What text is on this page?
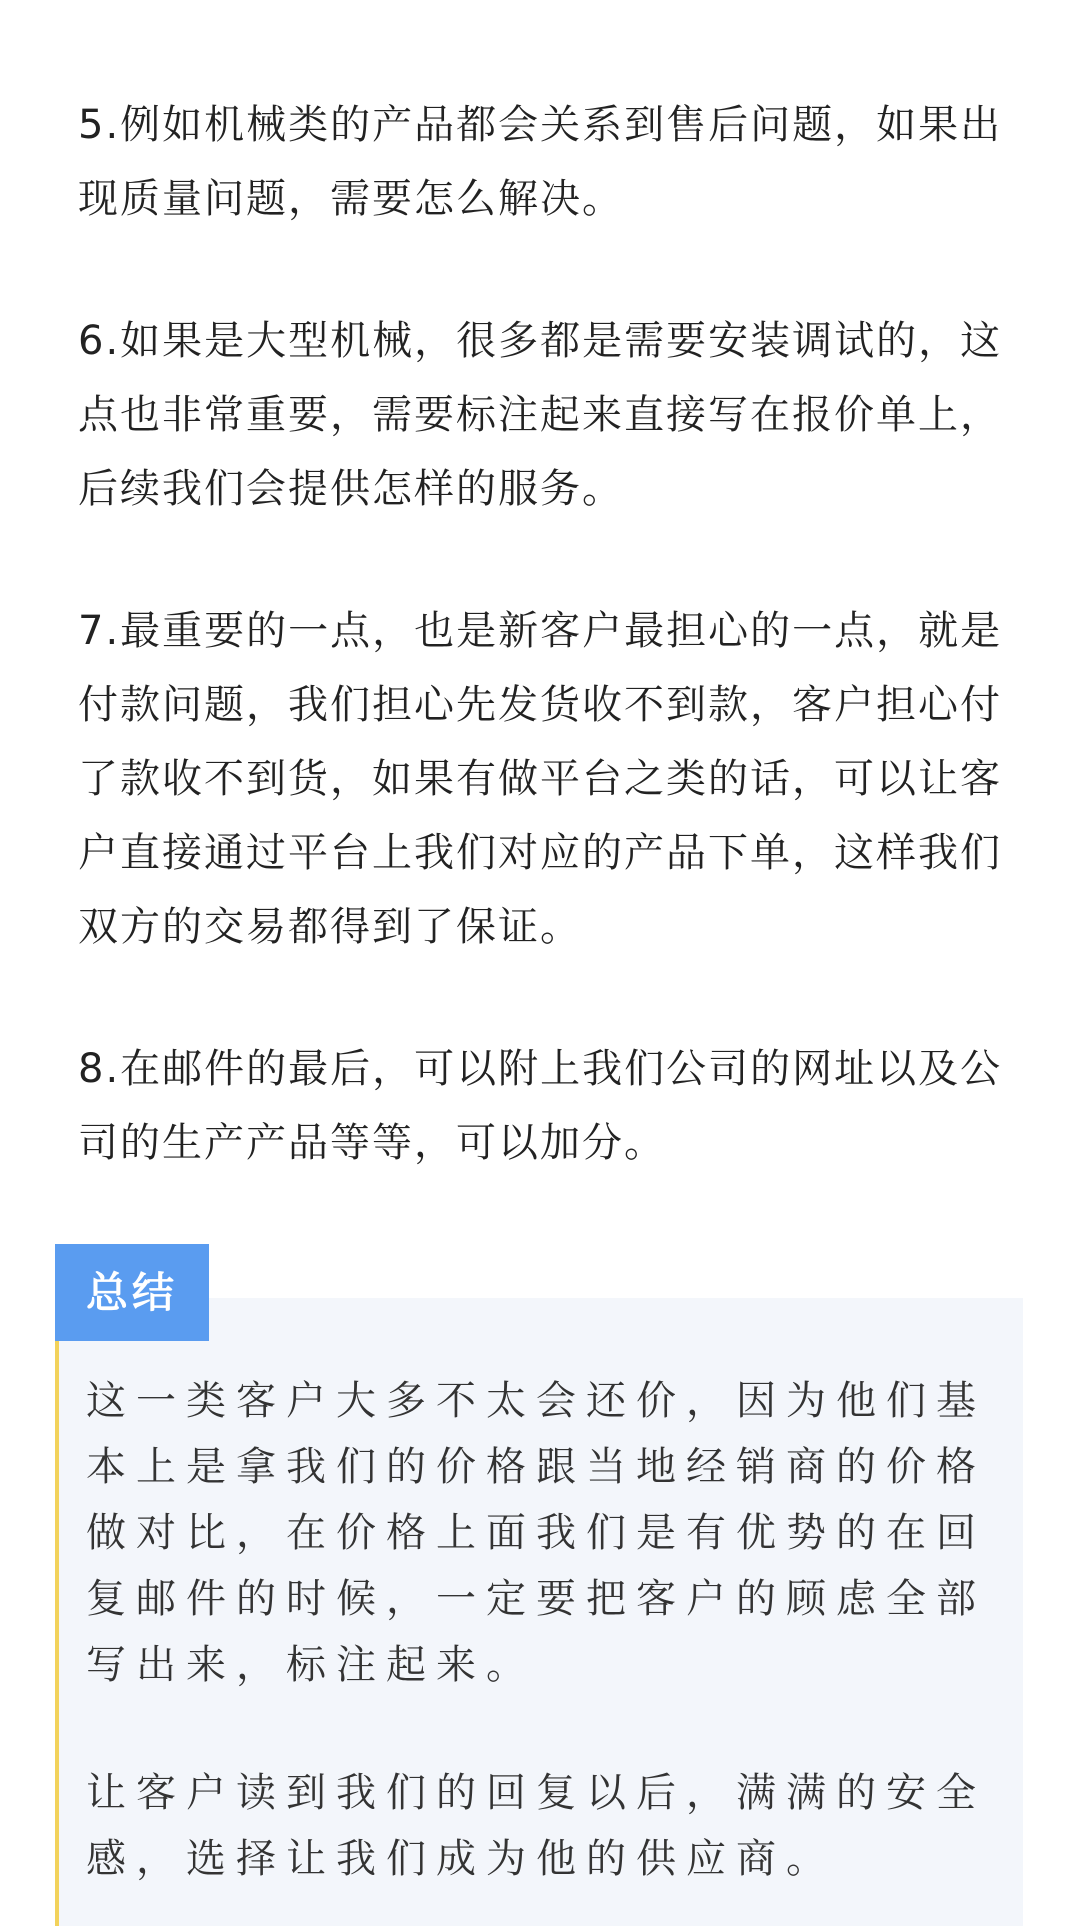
5.例如机械类的产品都会关系到售后问题，如果出现质量问题，需要怎么解决。

6.如果是大型机械，很多都是需要安装调试的，这点也非常重要，需要标注起来直接写在报价单上，后续我们会提供怎样的服务。

7.最重要的一点，也是新客户最担心的一点，就是付款问题，我们担心先发货收不到款，客户担心付了款收不到货，如果有做平台之类的话，可以让客户直接通过平台上我们对应的产品下单，这样我们双方的交易都得到了保证。

8.在邮件的最后，可以附上我们公司的网址以及公司的生产产品等等，可以加分。

总结

这一类客户大多不太会还价，因为他们基本上是拿我们的价格跟当地经销商的价格做对比，在价格上面我们是有优势的在回复邮件的时候，一定要把客户的顾虑全部写出来，标注起来。

让客户读到我们的回复以后，满满的安全感，选择让我们成为他的供应商。
